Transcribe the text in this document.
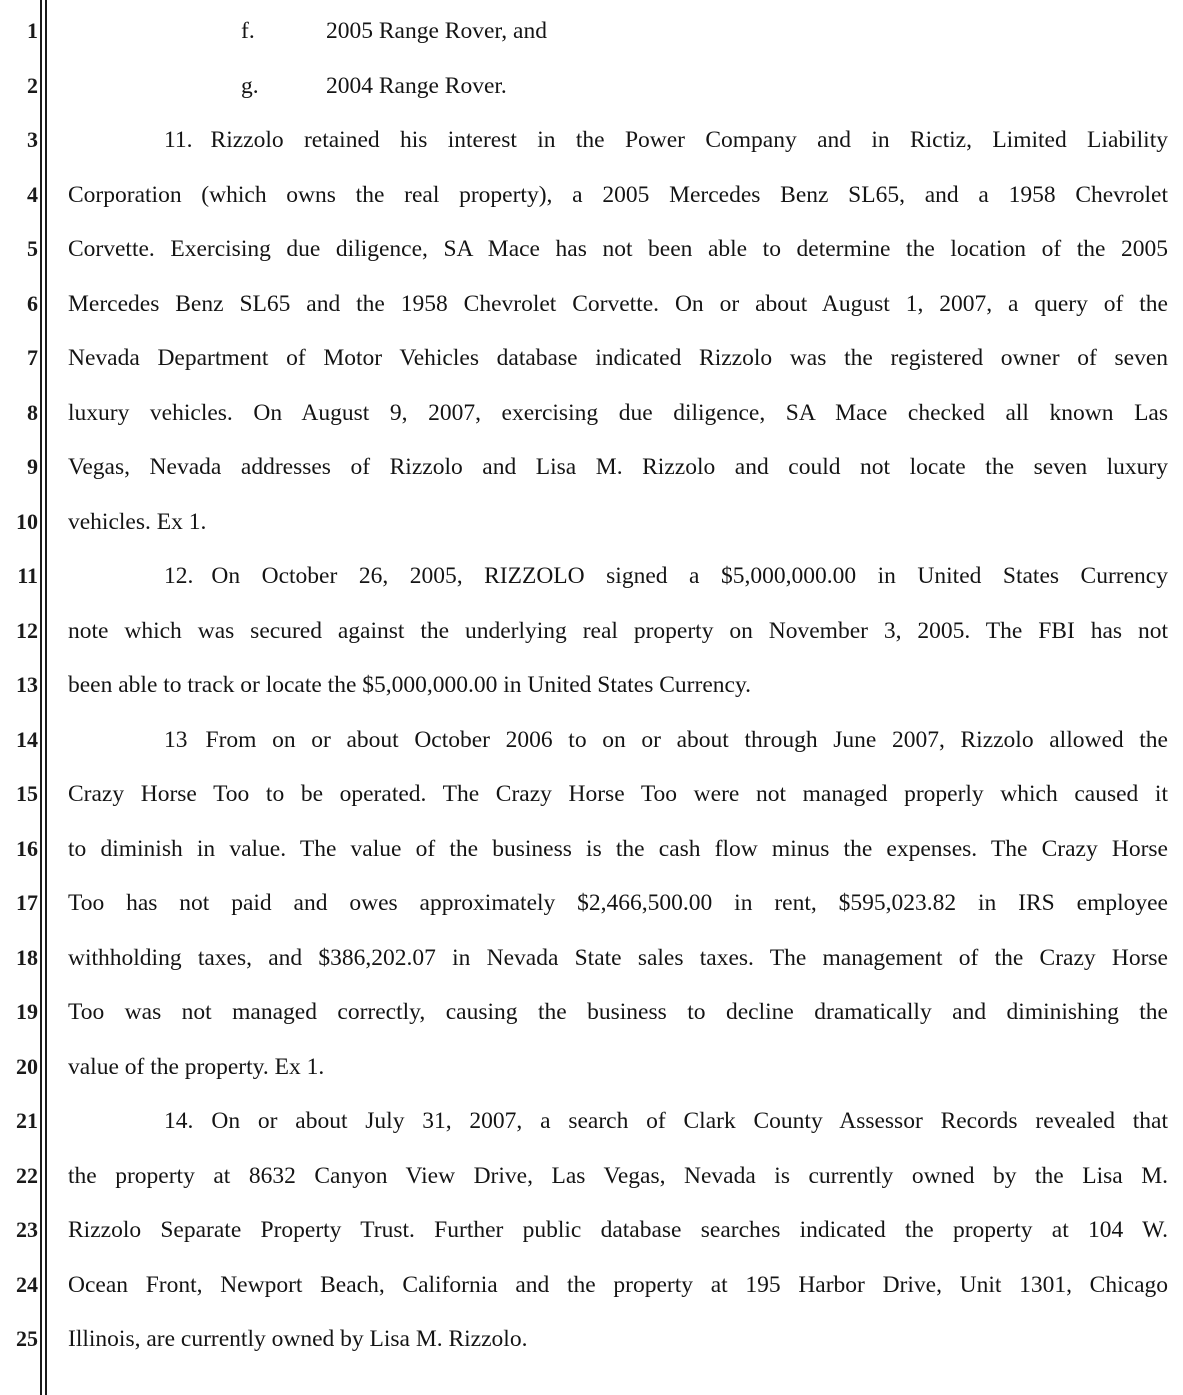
1	f.	2005 Range Rover, and
2	g.	2004 Range Rover.
3	11. Rizzolo retained his interest in the Power Company and in Rictiz, Limited Liability
4 Corporation (which owns the real property), a 2005 Mercedes Benz SL65, and a 1958 Chevrolet
5 Corvette. Exercising due diligence, SA Mace has not been able to determine the location of the 2005
6 Mercedes Benz SL65 and the 1958 Chevrolet Corvette. On or about August 1, 2007, a query of the
7 Nevada Department of Motor Vehicles database indicated Rizzolo was the registered owner of seven
8 luxury vehicles. On August 9, 2007, exercising due diligence, SA Mace checked all known Las
9 Vegas, Nevada addresses of Rizzolo and Lisa M. Rizzolo and could not locate the seven luxury
10 vehicles. Ex 1.
11	12. On October 26, 2005, RIZZOLO signed a $5,000,000.00 in United States Currency
12 note which was secured against the underlying real property on November 3, 2005. The FBI has not
13 been able to track or locate the $5,000,000.00 in United States Currency.
14	13 From on or about October 2006 to on or about through June 2007, Rizzolo allowed the
15 Crazy Horse Too to be operated. The Crazy Horse Too were not managed properly which caused it
16 to diminish in value. The value of the business is the cash flow minus the expenses. The Crazy Horse
17 Too has not paid and owes approximately $2,466,500.00 in rent, $595,023.82 in IRS employee
18 withholding taxes, and $386,202.07 in Nevada State sales taxes. The management of the Crazy Horse
19 Too was not managed correctly, causing the business to decline dramatically and diminishing the
20 value of the property. Ex 1.
21	14. On or about July 31, 2007, a search of Clark County Assessor Records revealed that
22 the property at 8632 Canyon View Drive, Las Vegas, Nevada is currently owned by the Lisa M.
23 Rizzolo Separate Property Trust. Further public database searches indicated the property at 104 W.
24 Ocean Front, Newport Beach, California and the property at 195 Harbor Drive, Unit 1301, Chicago
25 Illinois, are currently owned by Lisa M. Rizzolo.
